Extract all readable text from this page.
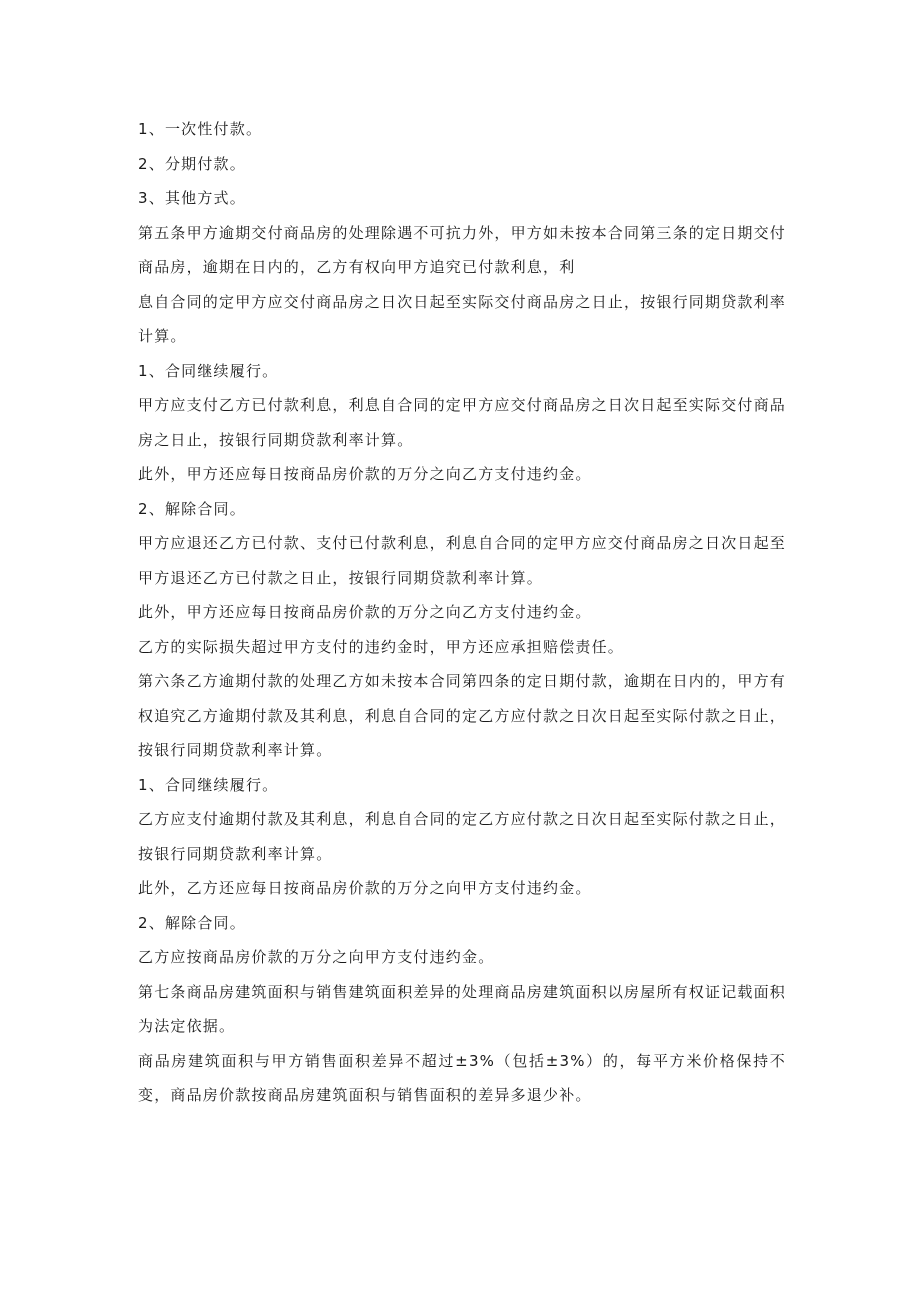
1、一次性付款。

2、分期付款。

3、其他方式。

第五条甲方逾期交付商品房的处理除遇不可抗力外，甲方如未按本合同第三条的定日期交付商品房，逾期在日内的，乙方有权向甲方追究已付款利息，利

息自合同的定甲方应交付商品房之日次日起至实际交付商品房之日止，按银行同期贷款利率计算。

1、合同继续履行。

甲方应支付乙方已付款利息，利息自合同的定甲方应交付商品房之日次日起至实际交付商品房之日止，按银行同期贷款利率计算。

此外，甲方还应每日按商品房价款的万分之向乙方支付违约金。

2、解除合同。

甲方应退还乙方已付款、支付已付款利息，利息自合同的定甲方应交付商品房之日次日起至甲方退还乙方已付款之日止，按银行同期贷款利率计算。

此外，甲方还应每日按商品房价款的万分之向乙方支付违约金。

乙方的实际损失超过甲方支付的违约金时，甲方还应承担赔偿责任。

第六条乙方逾期付款的处理乙方如未按本合同第四条的定日期付款，逾期在日内的，甲方有权追究乙方逾期付款及其利息，利息自合同的定乙方应付款之日次日起至实际付款之日止，按银行同期贷款利率计算。

1、合同继续履行。

乙方应支付逾期付款及其利息，利息自合同的定乙方应付款之日次日起至实际付款之日止，按银行同期贷款利率计算。

此外，乙方还应每日按商品房价款的万分之向甲方支付违约金。

2、解除合同。

乙方应按商品房价款的万分之向甲方支付违约金。

第七条商品房建筑面积与销售建筑面积差异的处理商品房建筑面积以房屋所有权证记载面积为法定依据。

商品房建筑面积与甲方销售面积差异不超过±3%（包括±3%）的，每平方米价格保持不变，商品房价款按商品房建筑面积与销售面积的差异多退少补。
